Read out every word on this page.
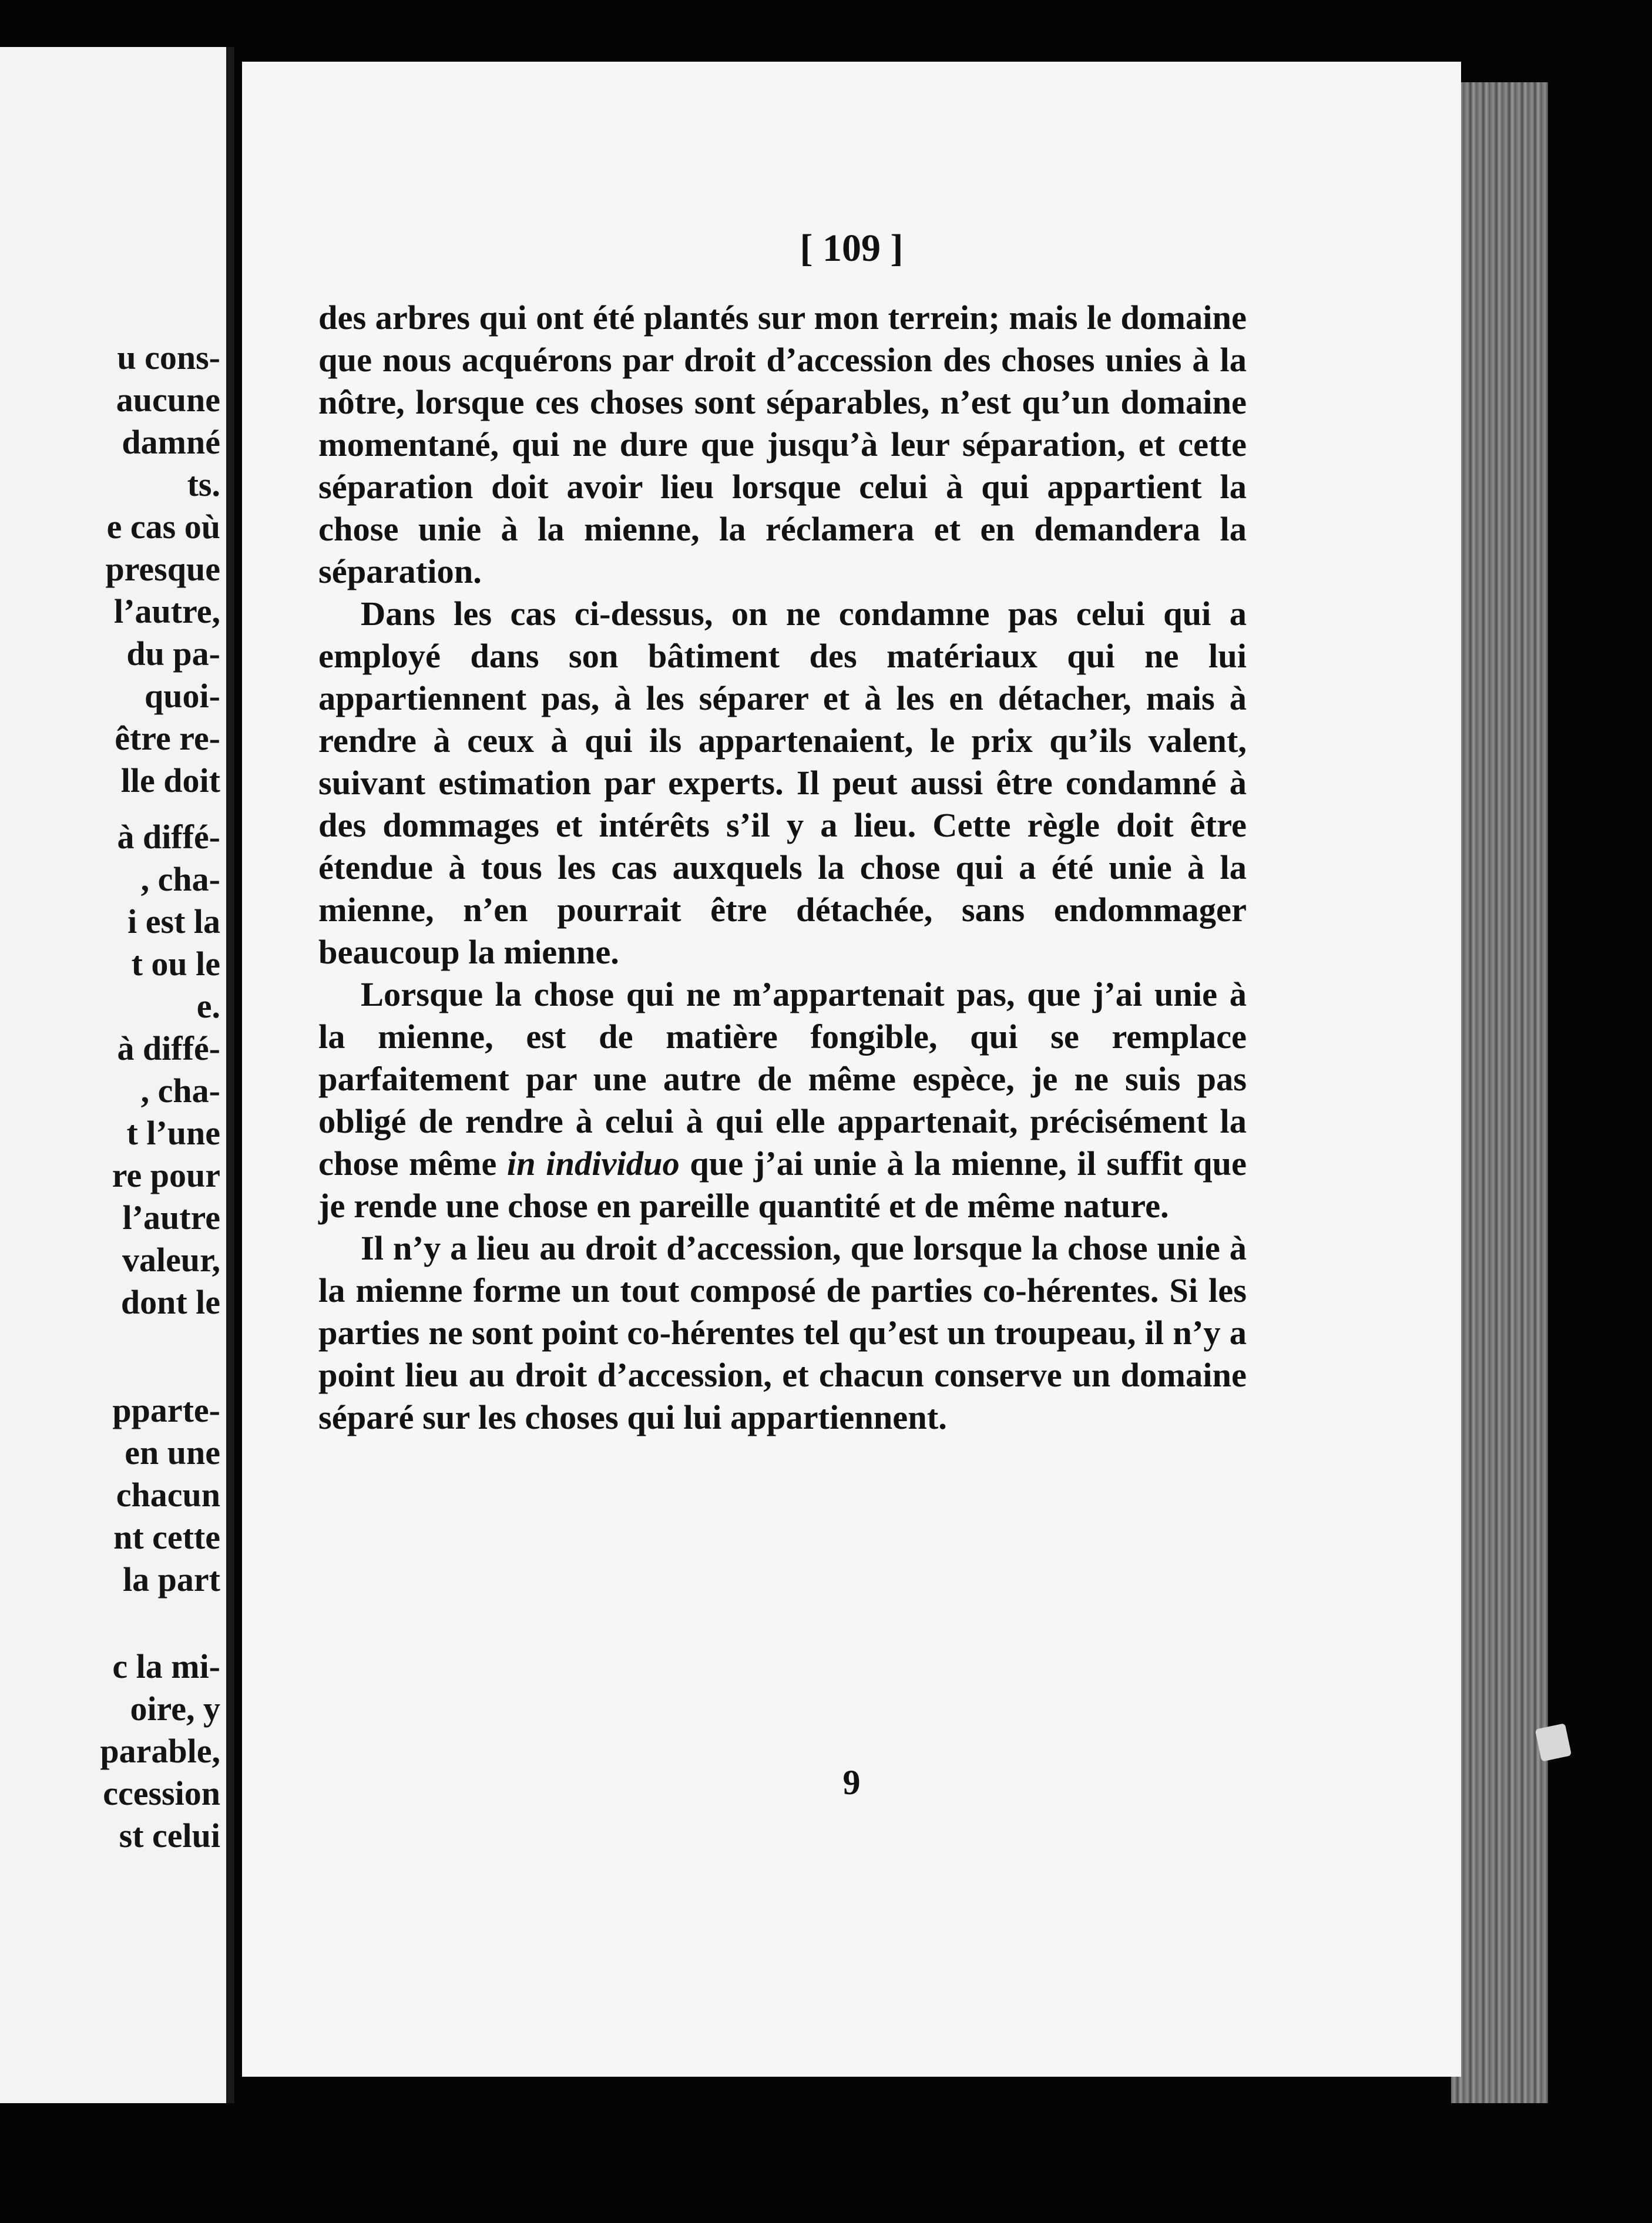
u cons-
aucune
damné
ts.
e cas où
presque
l’autre,
du pa-
quoi-
être re-
lle doit
à diffé-
, cha-
i est la
t ou le
e.
à diffé-
, cha-
t l’une
re pour
l’autre
valeur,
dont le
pparte-
en une
chacun
nt cette
la part
c la mi-
oire, y
parable,
ccession
st celui
[ 109 ]

des arbres qui ont été plantés sur mon terrein; mais le domaine que nous acquérons par droit d’accession des choses unies à la nôtre, lorsque ces choses sont séparables, n’est qu’un domaine momentané, qui ne dure que jusqu’à leur séparation, et cette séparation doit avoir lieu lorsque celui à qui appartient la chose unie à la mienne, la réclamera et en demandera la séparation.

Dans les cas ci-dessus, on ne condamne pas celui qui a employé dans son bâtiment des matériaux qui ne lui appartiennent pas, à les séparer et à les en détacher, mais à rendre à ceux à qui ils appartenaient, le prix qu’ils valent, suivant estimation par experts. Il peut aussi être condamné à des dommages et intérêts s’il y a lieu. Cette règle doit être étendue à tous les cas auxquels la chose qui a été unie à la mienne, n’en pourrait être détachée, sans endommager beaucoup la mienne.

Lorsque la chose qui ne m’appartenait pas, que j’ai unie à la mienne, est de matière fongible, qui se remplace parfaitement par une autre de même espèce, je ne suis pas obligé de rendre à celui à qui elle appartenait, précisément la chose même in individuo que j’ai unie à la mienne, il suffit que je rende une chose en pareille quantité et de même nature.

Il n’y a lieu au droit d’accession, que lorsque la chose unie à la mienne forme un tout composé de parties co-hérentes. Si les parties ne sont point co-hérentes tel qu’est un troupeau, il n’y a point lieu au droit d’accession, et chacun conserve un domaine séparé sur les choses qui lui appartiennent.

9
